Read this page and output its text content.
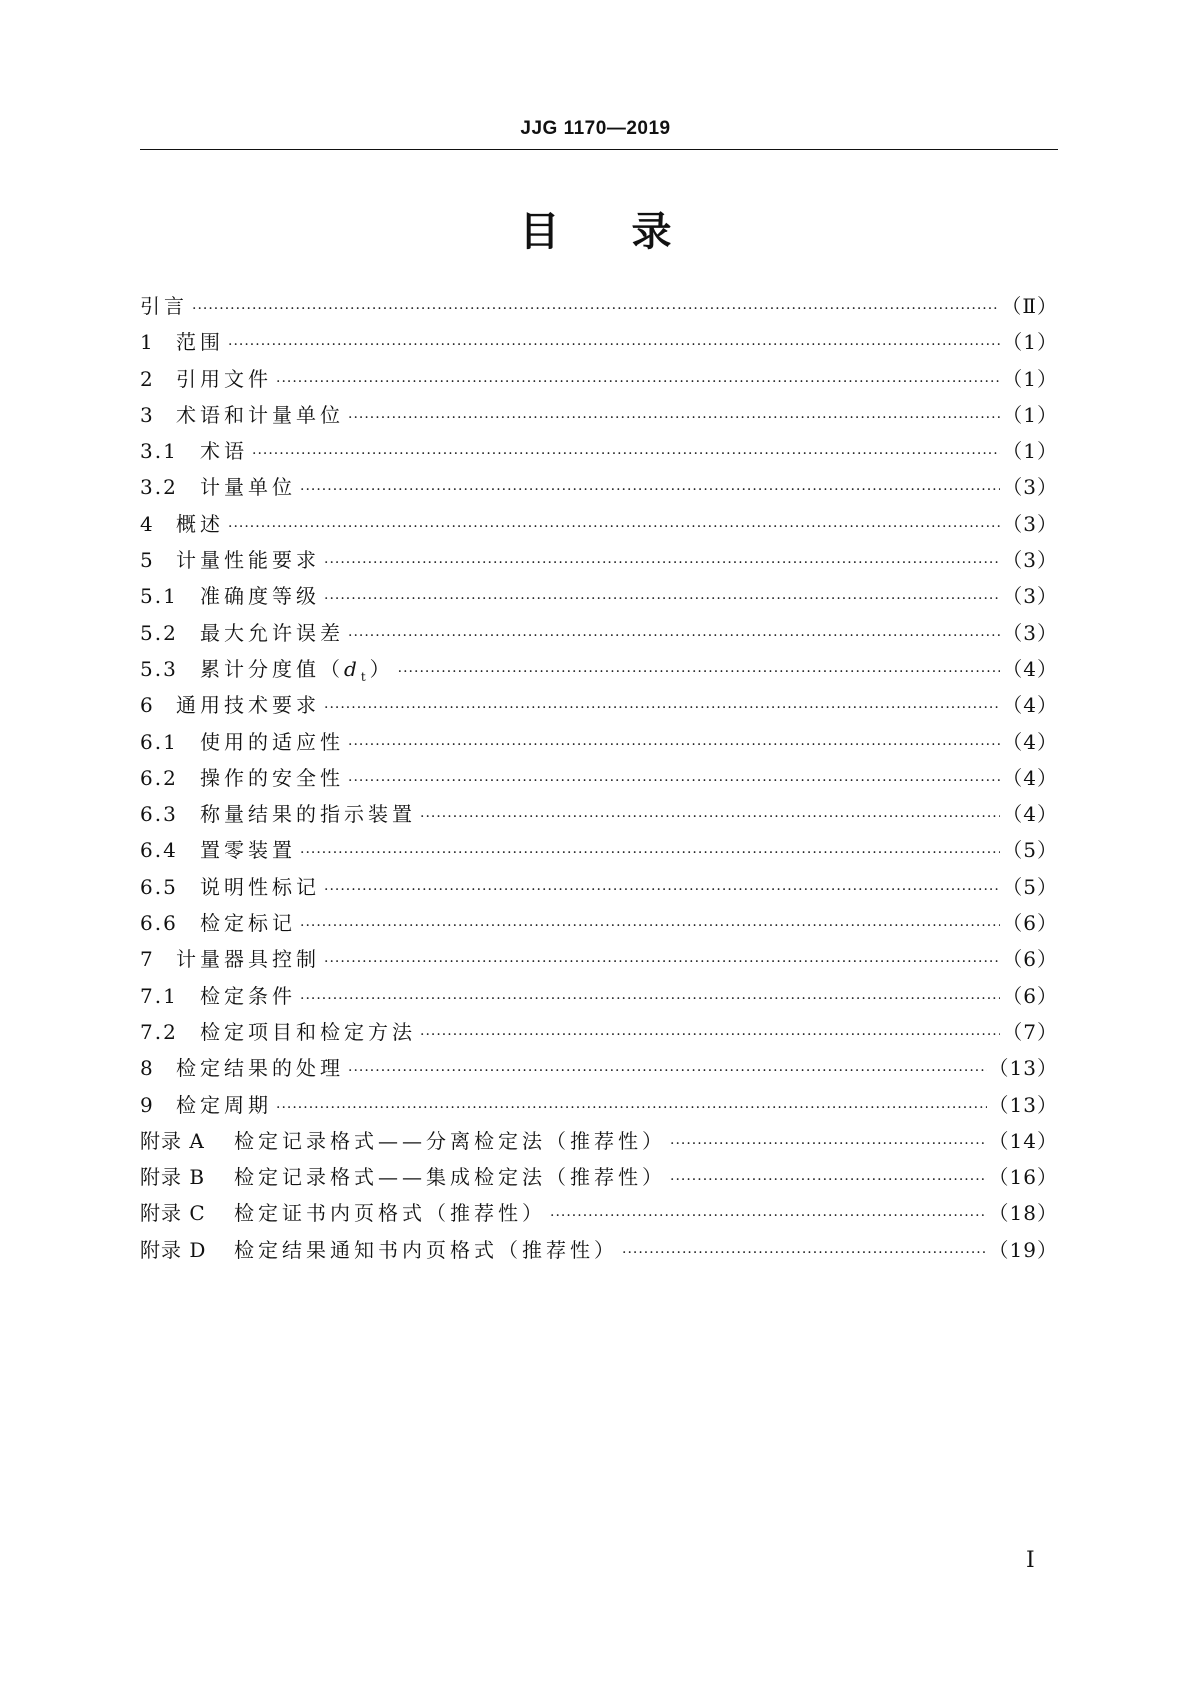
JJG 1170—2019
目录
引言 ·····	（Ⅱ）
1	范围 ·····	（1）
2	引用文件 ·····	（1）
3	术语和计量单位 ·····	（1）
3.1	术语 ·····	（1）
3.2	计量单位 ·····	（3）
4	概述 ·····	（3）
5	计量性能要求 ·····	（3）
5.1	准确度等级 ·····	（3）
5.2	最大允许误差 ·····	（3）
5.3	累计分度值$(d_t)$ ·····	（4）
6	通用技术要求 ·····	（4）
6.1	使用的适应性 ·····	（4）
6.2	操作的安全性 ·····	（4）
6.3	称量结果的指示装置 ·····	（4）
6.4	置零装置 ·····	（5）
6.5	说明性标记 ·····	（5）
6.6	检定标记 ·····	（6）
7	计量器具控制 ·····	（6）
7.1	检定条件 ·····	（6）
7.2	检定项目和检定方法 ·····	（7）
8	检定结果的处理 ·····	（13）
9	检定周期 ·····	（13）
附录 A	检定记录格式——分离检定法（推荐性） ·····	（14）
附录 B	检定记录格式——集成检定法（推荐性） ·····	（16）
附录 C	检定证书内页格式（推荐性） ·····	（18）
附录 D	检定结果通知书内页格式（推荐性） ·····	（19）
Ⅰ
